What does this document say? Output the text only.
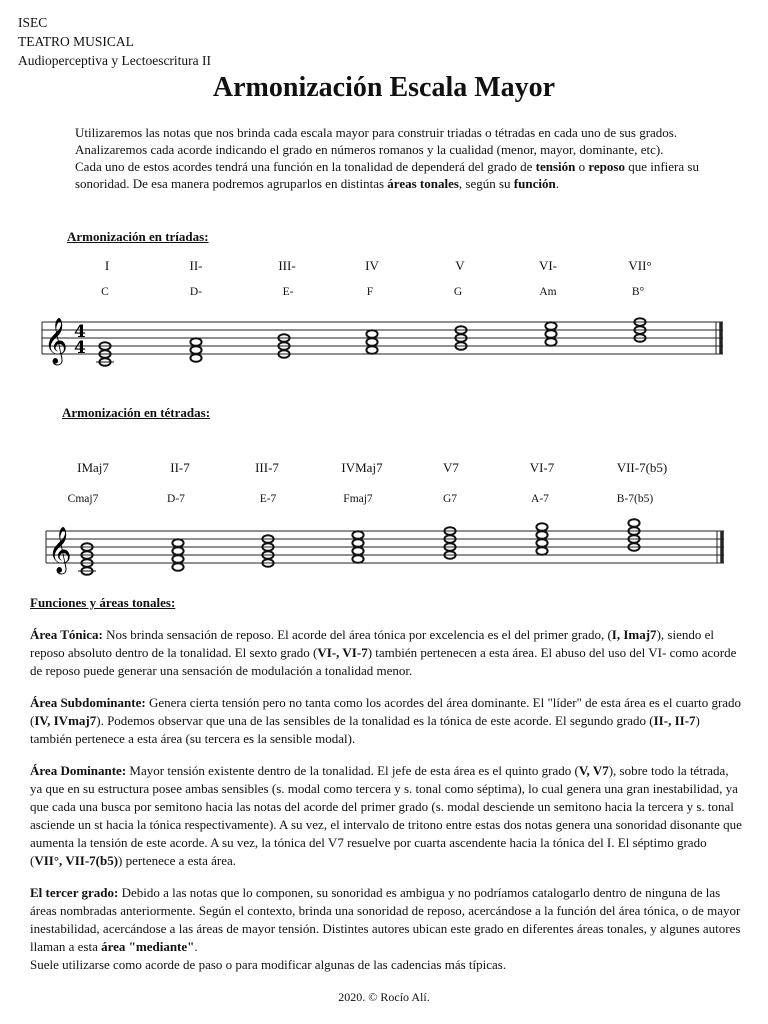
ISEC
TEATRO MUSICAL
Audioperceptiva y Lectoescritura II
Armonización Escala Mayor

Utilizaremos las notas que nos brinda cada escala mayor para construir triadas o tétradas en cada uno de sus grados. Analizaremos cada acorde indicando el grado en números romanos y la cualidad (menor, mayor, dominante, etc).

Cada uno de estos acordes tendrá una función en la tonalidad de dependerá del grado de tensión o reposo que infiera su sonoridad. De esa manera podremos agruparlos en distintas áreas tonales, según su función.

Armonización en tríadas:
I	II-	III-	IV	V	VI-	VII°
C	D-	E-	F	G	Am	B°
𝄞 4
4
Armonización en tétradas:
IMaj7	II-7	III-7	IVMaj7	V7	VI-7	VII-7(b5)
Cmaj7	D-7	E-7	Fmaj7	G7	A-7	B-7(b5)
𝄞

Funciones y áreas tonales:

Área Tónica: Nos brinda sensación de reposo. El acorde del área tónica por excelencia es el del primer grado, (I, Imaj7), siendo el reposo absoluto dentro de la tonalidad. El sexto grado (VI-, VI-7) también pertenecen a esta área. El abuso del uso del VI- como acorde de reposo puede generar una sensación de modulación a tonalidad menor.

Área Subdominante: Genera cierta tensión pero no tanta como los acordes del área dominante. El "líder" de esta área es el cuarto grado (IV, IVmaj7). Podemos observar que una de las sensibles de la tonalidad es la tónica de este acorde. El segundo grado (II-, II-7) también pertenece a esta área (su tercera es la sensible modal).

Área Dominante: Mayor tensión existente dentro de la tonalidad. El jefe de esta área es el quinto grado (V, V7), sobre todo la tétrada, ya que en su estructura posee ambas sensibles (s. modal como tercera y s. tonal como séptima), lo cual genera una gran inestabilidad, ya que cada una busca por semitono hacia las notas del acorde del primer grado (s. modal desciende un semitono hacia la tercera y s. tonal asciende un st hacia la tónica respectivamente). A su vez, el intervalo de tritono entre estas dos notas genera una sonoridad disonante que aumenta la tensión de este acorde. A su vez, la tónica del V7 resuelve por cuarta ascendente hacia la tónica del I. El séptimo grado (VII°, VII-7(b5)) pertenece a esta área.

El tercer grado: Debido a las notas que lo componen, su sonoridad es ambigua y no podríamos catalogarlo dentro de ninguna de las áreas nombradas anteriormente. Según el contexto, brinda una sonoridad de reposo, acercándose a la función del área tónica, o de mayor inestabilidad, acercándose a las áreas de mayor tensión. Distintes autores ubican este grado en diferentes áreas tonales, y algunes autores llaman a esta área "mediante".
Suele utilizarse como acorde de paso o para modificar algunas de las cadencias más típicas.

2020. © Rocío Alí.
